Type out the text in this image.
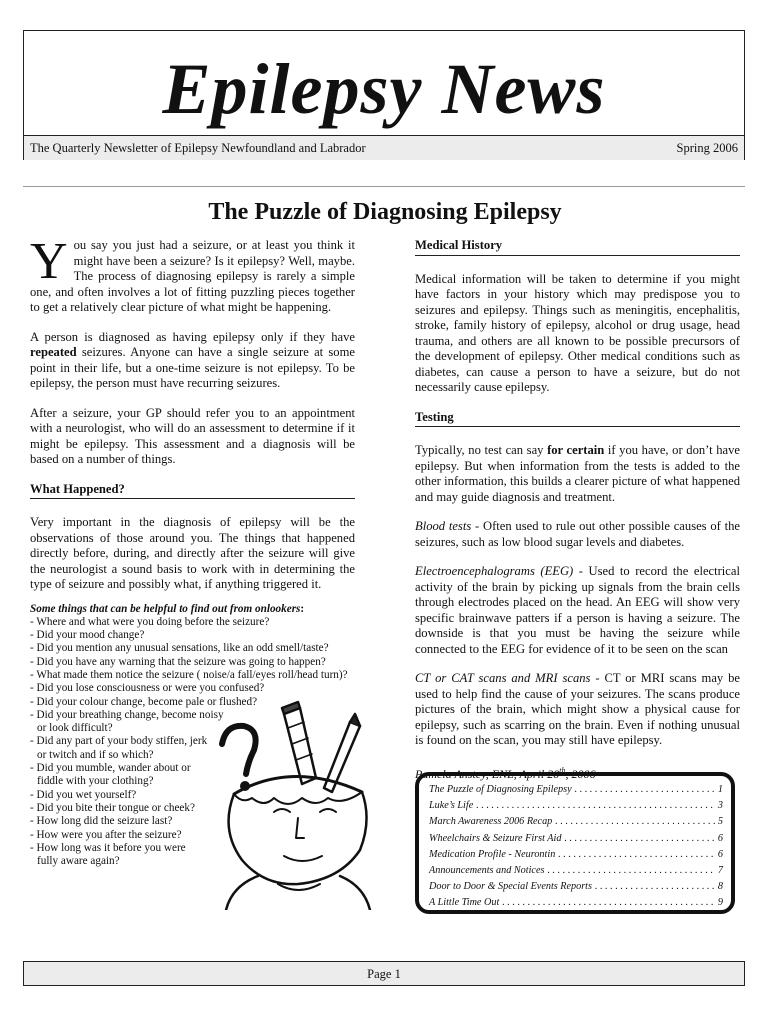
Epilepsy News
The Quarterly Newsletter of Epilepsy Newfoundland and Labrador	Spring 2006
The Puzzle of Diagnosing Epilepsy

You say you just had a seizure, or at least you think it might have been a seizure? Is it epilepsy? Well, maybe. The process of diagnosing epilepsy is rarely a simple one, and often involves a lot of fitting puzzling pieces together to get a relatively clear picture of what might be happening.

A person is diagnosed as having epilepsy only if they have repeated seizures. Anyone can have a single seizure at some point in their life, but a one-time seizure is not epilepsy. To be epilepsy, the person must have recurring seizures.

After a seizure, your GP should refer you to an appointment with a neurologist, who will do an assessment to determine if it might be epilepsy. This assessment and a diagnosis will be based on a number of things.

What Happened?

Very important in the diagnosis of epilepsy will be the observations of those around you. The things that happened directly before, during, and directly after the seizure will give the neurologist a sound basis to work with in determining the type of seizure and possibly what, if anything triggered it.

Some things that can be helpful to find out from onlookers:
- Where and what were you doing before the seizure?
- Did your mood change?
- Did you mention any unusual sensations, like an odd smell/taste?
- Did you have any warning that the seizure was going to happen?
- What made them notice the seizure ( noise/a fall/eyes roll/head turn)?
- Did you lose consciousness or were you confused?
- Did your colour change, become pale or flushed?
- Did your breathing change, become noisy
or look difficult?
- Did any part of your body stiffen, jerk
or twitch and if so which?
- Did you mumble, wander about or
fiddle with your clothing?
- Did you wet yourself?
- Did you bite their tongue or cheek?
- How long did the seizure last?
- How were you after the seizure?
- How long was it before you were
fully aware again?
Medical History

Medical information will be taken to determine if you might have factors in your history which may predispose you to seizures and epilepsy. Things such as meningitis, encephalitis, stroke, family history of epilepsy, alcohol or drug usage, head trauma, and others are all known to be possible precursors of the development of epilepsy. Other medical conditions such as diabetes, can cause a person to have a seizure, but do not necessarily cause epilepsy.

Testing

Typically, no test can say for certain if you have, or don’t have epilepsy. But when information from the tests is added to the other information, this builds a clearer picture of what happened and may guide diagnosis and treatment.

Blood tests - Often used to rule out other possible causes of the seizures, such as low blood sugar levels and diabetes.

Electroencephalograms (EEG) - Used to record the electrical activity of the brain by picking up signals from the brain cells through electrodes placed on the head. An EEG will show very specific brainwave patters if a person is having a seizure. The downside is that you must be having the seizure while connected to the EEG for evidence of it to be seen on the scan

CT or CAT scans and MRI scans - CT or MRI scans may be used to help find the cause of your seizures. The scans produce pictures of the brain, which might show a physical cause for epilepsy, such as scarring on the brain. Even if nothing unusual is found on the scan, you may still have epilepsy.

Pamela Anstey, ENL, April 20th, 2006

The Puzzle of Diagnosing Epilepsy . . .	1
Luke’s Life . . .	3
March Awareness 2006 Recap . . .	5
Wheelchairs & Seizure First Aid . . .	6
Medication Profile - Neurontin . . .	6
Announcements and Notices . . .	7
Door to Door & Special Events Reports . . .	8
A Little Time Out . . .	9
Page 1
